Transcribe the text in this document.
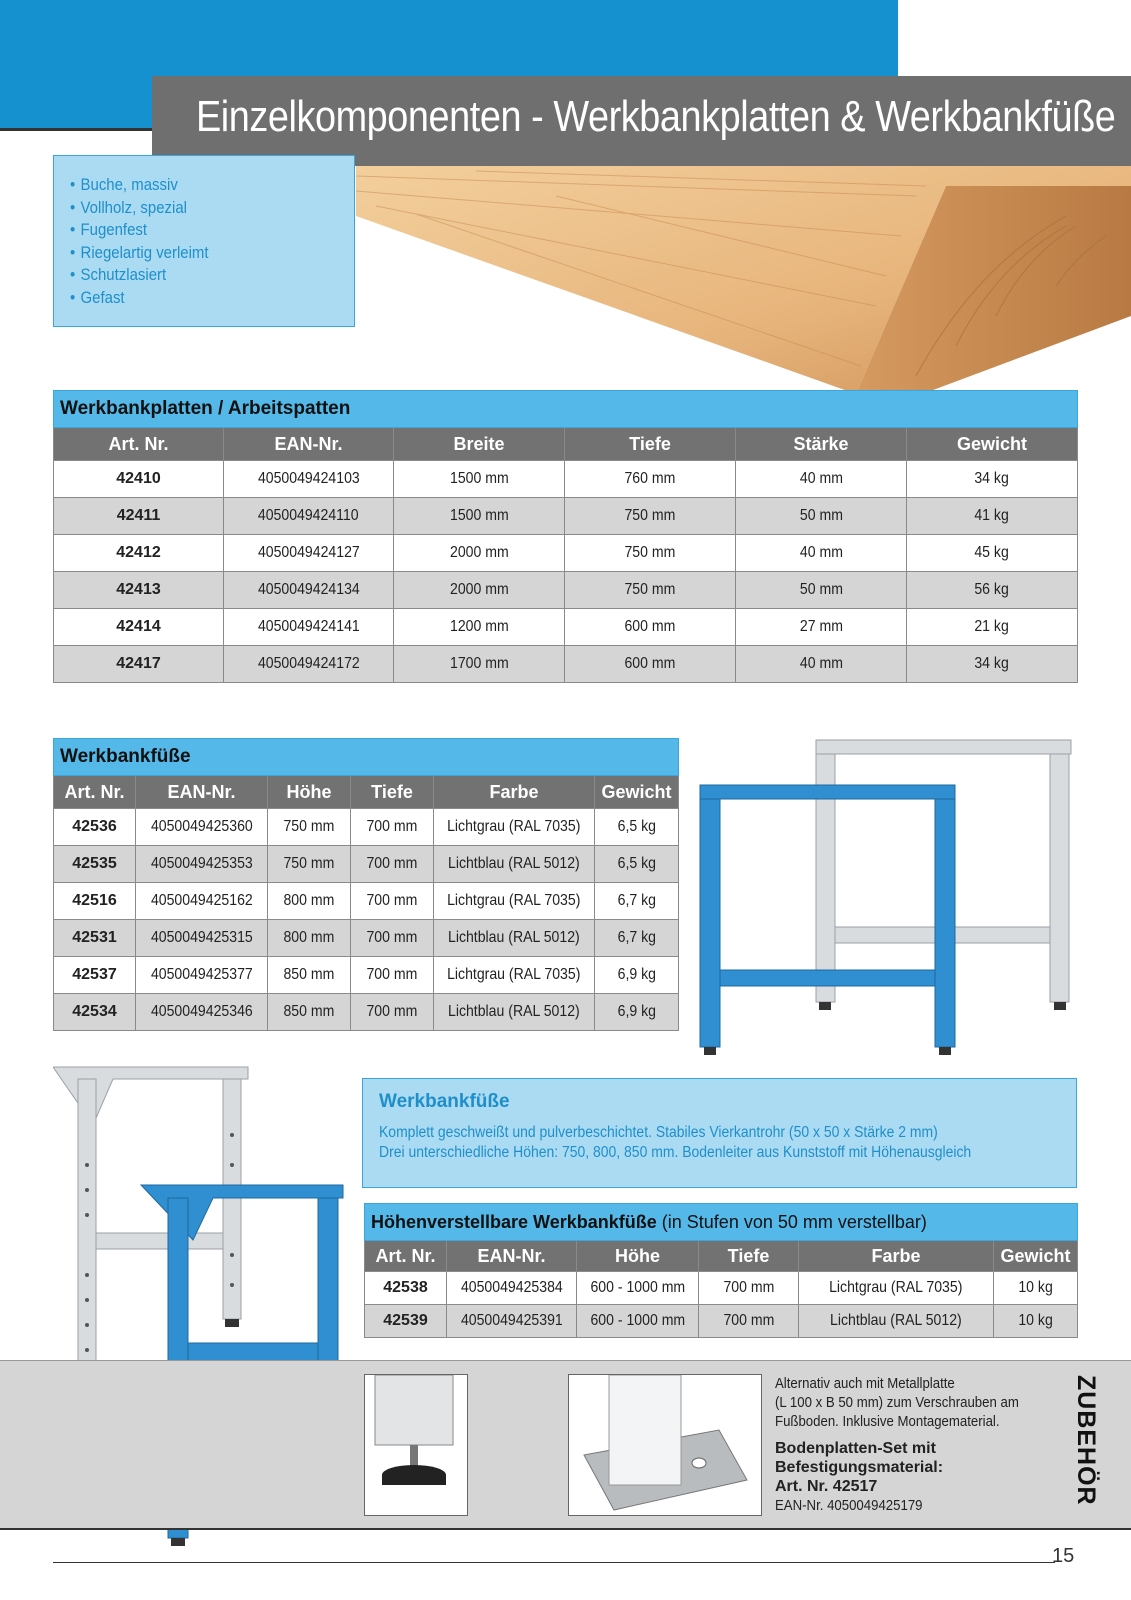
Einzelkomponenten - Werkbankplatten & Werkbankfüße
• Buche, massiv
• Vollholz, spezial
• Fugenfest
• Riegelartig verleimt
• Schutzlasiert
• Gefast
Werkbankplatten / Arbeitspatten					
Art. Nr.	EAN-Nr.	Breite	Tiefe	Stärke	Gewicht
42410	4050049424103	1500 mm	760 mm	40 mm	34 kg
42411	4050049424110	1500 mm	750 mm	50 mm	41 kg
42412	4050049424127	2000 mm	750 mm	40 mm	45 kg
42413	4050049424134	2000 mm	750 mm	50 mm	56 kg
42414	4050049424141	1200 mm	600 mm	27 mm	21 kg
42417	4050049424172	1700 mm	600 mm	40 mm	34 kg
Werkbankfüße					
Art. Nr.	EAN-Nr.	Höhe	Tiefe	Farbe	Gewicht
42536	4050049425360	750 mm	700 mm	Lichtgrau (RAL 7035)	6,5 kg
42535	4050049425353	750 mm	700 mm	Lichtblau (RAL 5012)	6,5 kg
42516	4050049425162	800 mm	700 mm	Lichtgrau (RAL 7035)	6,7 kg
42531	4050049425315	800 mm	700 mm	Lichtblau (RAL 5012)	6,7 kg
42537	4050049425377	850 mm	700 mm	Lichtgrau (RAL 7035)	6,9 kg
42534	4050049425346	850 mm	700 mm	Lichtblau (RAL 5012)	6,9 kg
Werkbankfüße
Komplett geschweißt und pulverbeschichtet. Stabiles Vierkantrohr (50 x 50 x Stärke 2 mm)
Drei unterschiedliche Höhen: 750, 800, 850 mm. Bodenleiter aus Kunststoff mit Höhenausgleich
Höhenverstellbare Werkbankfüße (in Stufen von 50 mm verstellbar)					
Art. Nr.	EAN-Nr.	Höhe	Tiefe	Farbe	Gewicht
42538	4050049425384	600 - 1000 mm	700 mm	Lichtgrau (RAL 7035)	10 kg
42539	4050049425391	600 - 1000 mm	700 mm	Lichtblau (RAL 5012)	10 kg
Alternativ auch mit Metallplatte
(L 100 x B 50 mm) zum Verschrauben am
Fußboden. Inklusive Montagematerial.
Bodenplatten-Set mit
Befestigungsmaterial:
Art. Nr. 42517
EAN-Nr. 4050049425179	ZUBEHÖR
15
